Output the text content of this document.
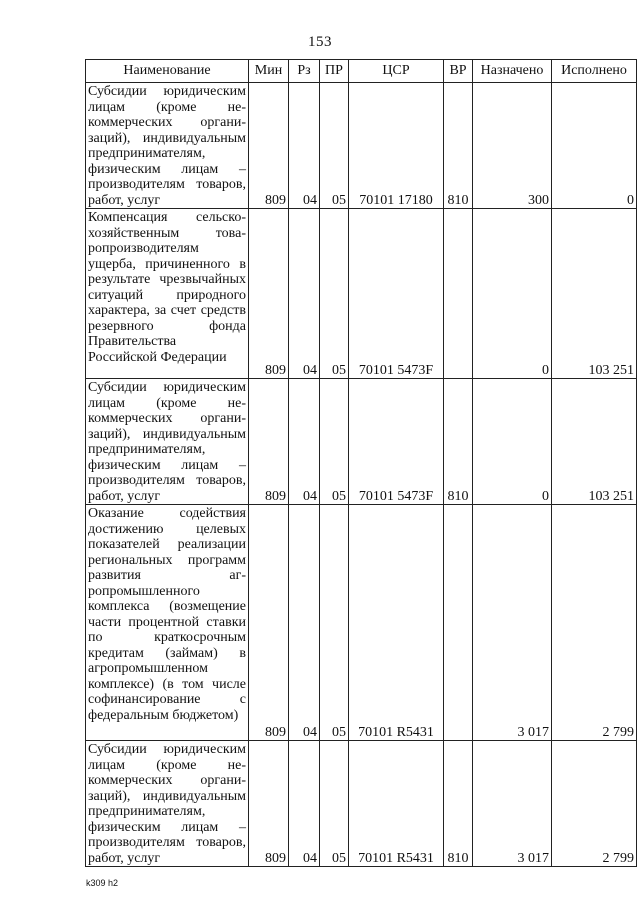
153
Наименование	Мин	Рз	ПР	ЦСР	ВР	Назначено	Исполнено
Субсидии юридическим лицам (кроме некоммерческих организаций), индивидуальным предпринимателям, физическим лицам – производителям товаров, работ, услуг	809	04	05	70101 17180	810	300	0
Компенсация сельскохозяйственным товаропроизводителям ущерба, причиненного в результате чрезвычайных ситуаций природного характера, за счет средств резервного фонда Правительства Российской Федерации	809	04	05	70101 5473F		0	103 251
Субсидии юридическим лицам (кроме некоммерческих организаций), индивидуальным предпринимателям, физическим лицам – производителям товаров, работ, услуг	809	04	05	70101 5473F	810	0	103 251
Оказание содействия достижению целевых показателей реализации региональных программ развития агропромышленного комплекса (возмещение части процентной ставки по краткосрочным кредитам (займам) в агропромышленном комплексе) (в том числе софинансирование с федеральным бюджетом)	809	04	05	70101 R5431		3 017	2 799
Субсидии юридическим лицам (кроме некоммерческих организаций), индивидуальным предпринимателям, физическим лицам – производителям товаров, работ, услуг	809	04	05	70101 R5431	810	3 017	2 799
k309 h2
